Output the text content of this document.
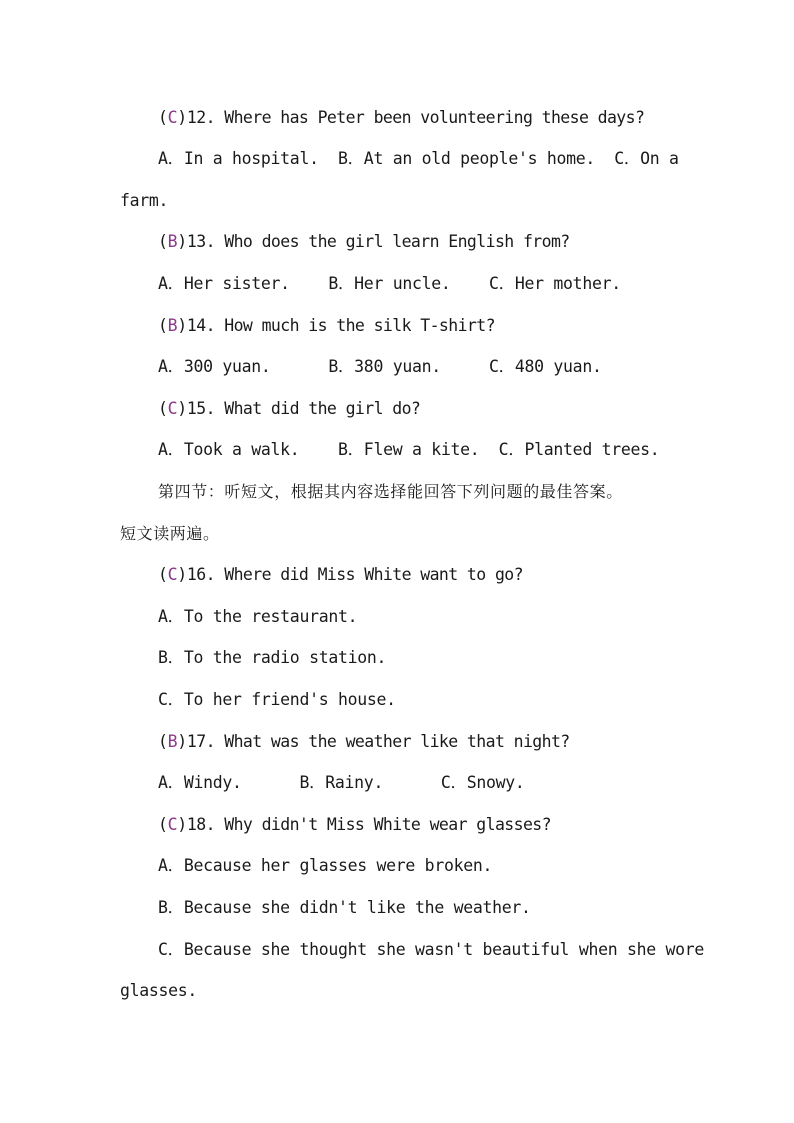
(C)12. Where has Peter been volunteering these days?
A．In a hospital.  B．At an old people's home.  C．On a
farm.
(B)13. Who does the girl learn English from?
A．Her sister.    B．Her uncle.    C．Her mother.
(B)14. How much is the silk T-shirt?
A．300 yuan.      B．380 yuan.     C．480 yuan.
(C)15. What did the girl do?
A．Took a walk.    B．Flew a kite.  C．Planted trees.
第四节：听短文，根据其内容选择能回答下列问题的最佳答案。
短文读两遍。
(C)16. Where did Miss White want to go?
A．To the restaurant.
B．To the radio station.
C．To her friend's house.
(B)17. What was the weather like that night?
A．Windy.      B．Rainy.      C．Snowy.
(C)18. Why didn't Miss White wear glasses?
A．Because her glasses were broken.
B．Because she didn't like the weather.
C．Because she thought she wasn't beautiful when she wore
glasses.
